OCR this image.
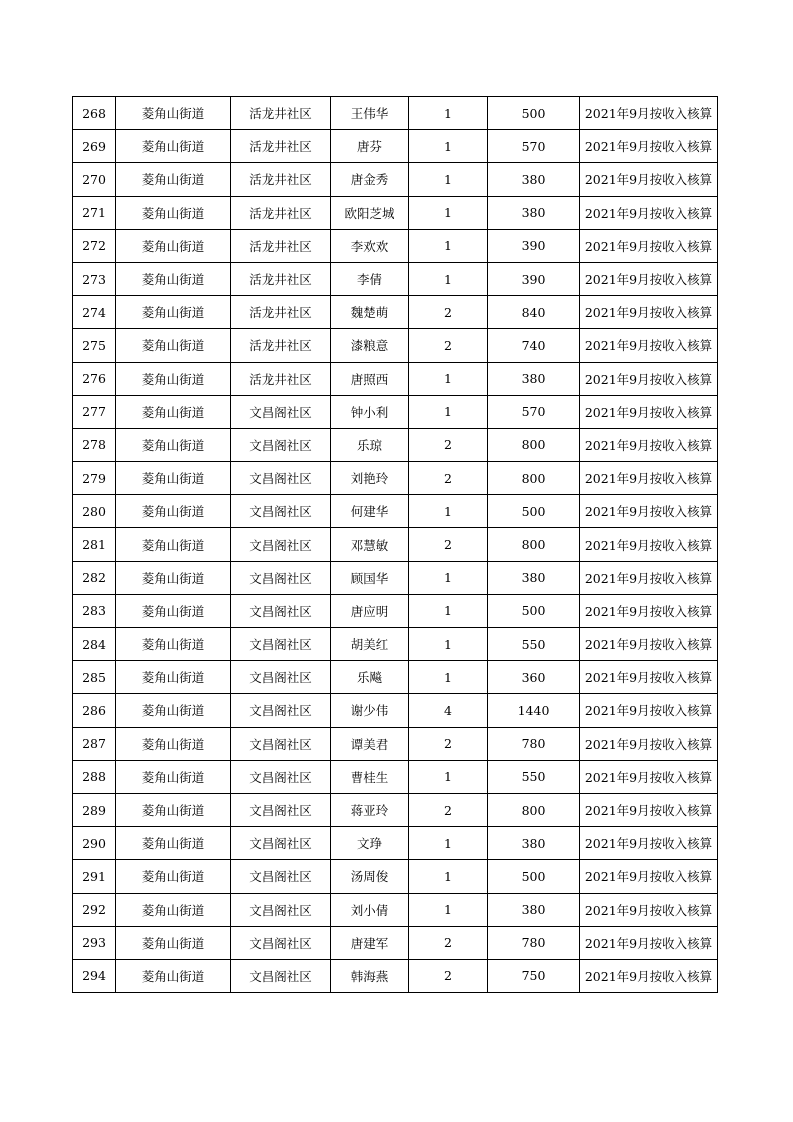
268	菱角山街道	活龙井社区	王伟华	1	500	2021年9月按收入核算
269	菱角山街道	活龙井社区	唐芬	1	570	2021年9月按收入核算
270	菱角山街道	活龙井社区	唐金秀	1	380	2021年9月按收入核算
271	菱角山街道	活龙井社区	欧阳芝城	1	380	2021年9月按收入核算
272	菱角山街道	活龙井社区	李欢欢	1	390	2021年9月按收入核算
273	菱角山街道	活龙井社区	李倩	1	390	2021年9月按收入核算
274	菱角山街道	活龙井社区	魏楚萌	2	840	2021年9月按收入核算
275	菱角山街道	活龙井社区	漆粮意	2	740	2021年9月按收入核算
276	菱角山街道	活龙井社区	唐照西	1	380	2021年9月按收入核算
277	菱角山街道	文昌阁社区	钟小利	1	570	2021年9月按收入核算
278	菱角山街道	文昌阁社区	乐琼	2	800	2021年9月按收入核算
279	菱角山街道	文昌阁社区	刘艳玲	2	800	2021年9月按收入核算
280	菱角山街道	文昌阁社区	何建华	1	500	2021年9月按收入核算
281	菱角山街道	文昌阁社区	邓慧敏	2	800	2021年9月按收入核算
282	菱角山街道	文昌阁社区	顾国华	1	380	2021年9月按收入核算
283	菱角山街道	文昌阁社区	唐应明	1	500	2021年9月按收入核算
284	菱角山街道	文昌阁社区	胡美红	1	550	2021年9月按收入核算
285	菱角山街道	文昌阁社区	乐飚	1	360	2021年9月按收入核算
286	菱角山街道	文昌阁社区	谢少伟	4	1440	2021年9月按收入核算
287	菱角山街道	文昌阁社区	谭美君	2	780	2021年9月按收入核算
288	菱角山街道	文昌阁社区	曹桂生	1	550	2021年9月按收入核算
289	菱角山街道	文昌阁社区	蒋亚玲	2	800	2021年9月按收入核算
290	菱角山街道	文昌阁社区	文琤	1	380	2021年9月按收入核算
291	菱角山街道	文昌阁社区	汤周俊	1	500	2021年9月按收入核算
292	菱角山街道	文昌阁社区	刘小倩	1	380	2021年9月按收入核算
293	菱角山街道	文昌阁社区	唐建军	2	780	2021年9月按收入核算
294	菱角山街道	文昌阁社区	韩海燕	2	750	2021年9月按收入核算
